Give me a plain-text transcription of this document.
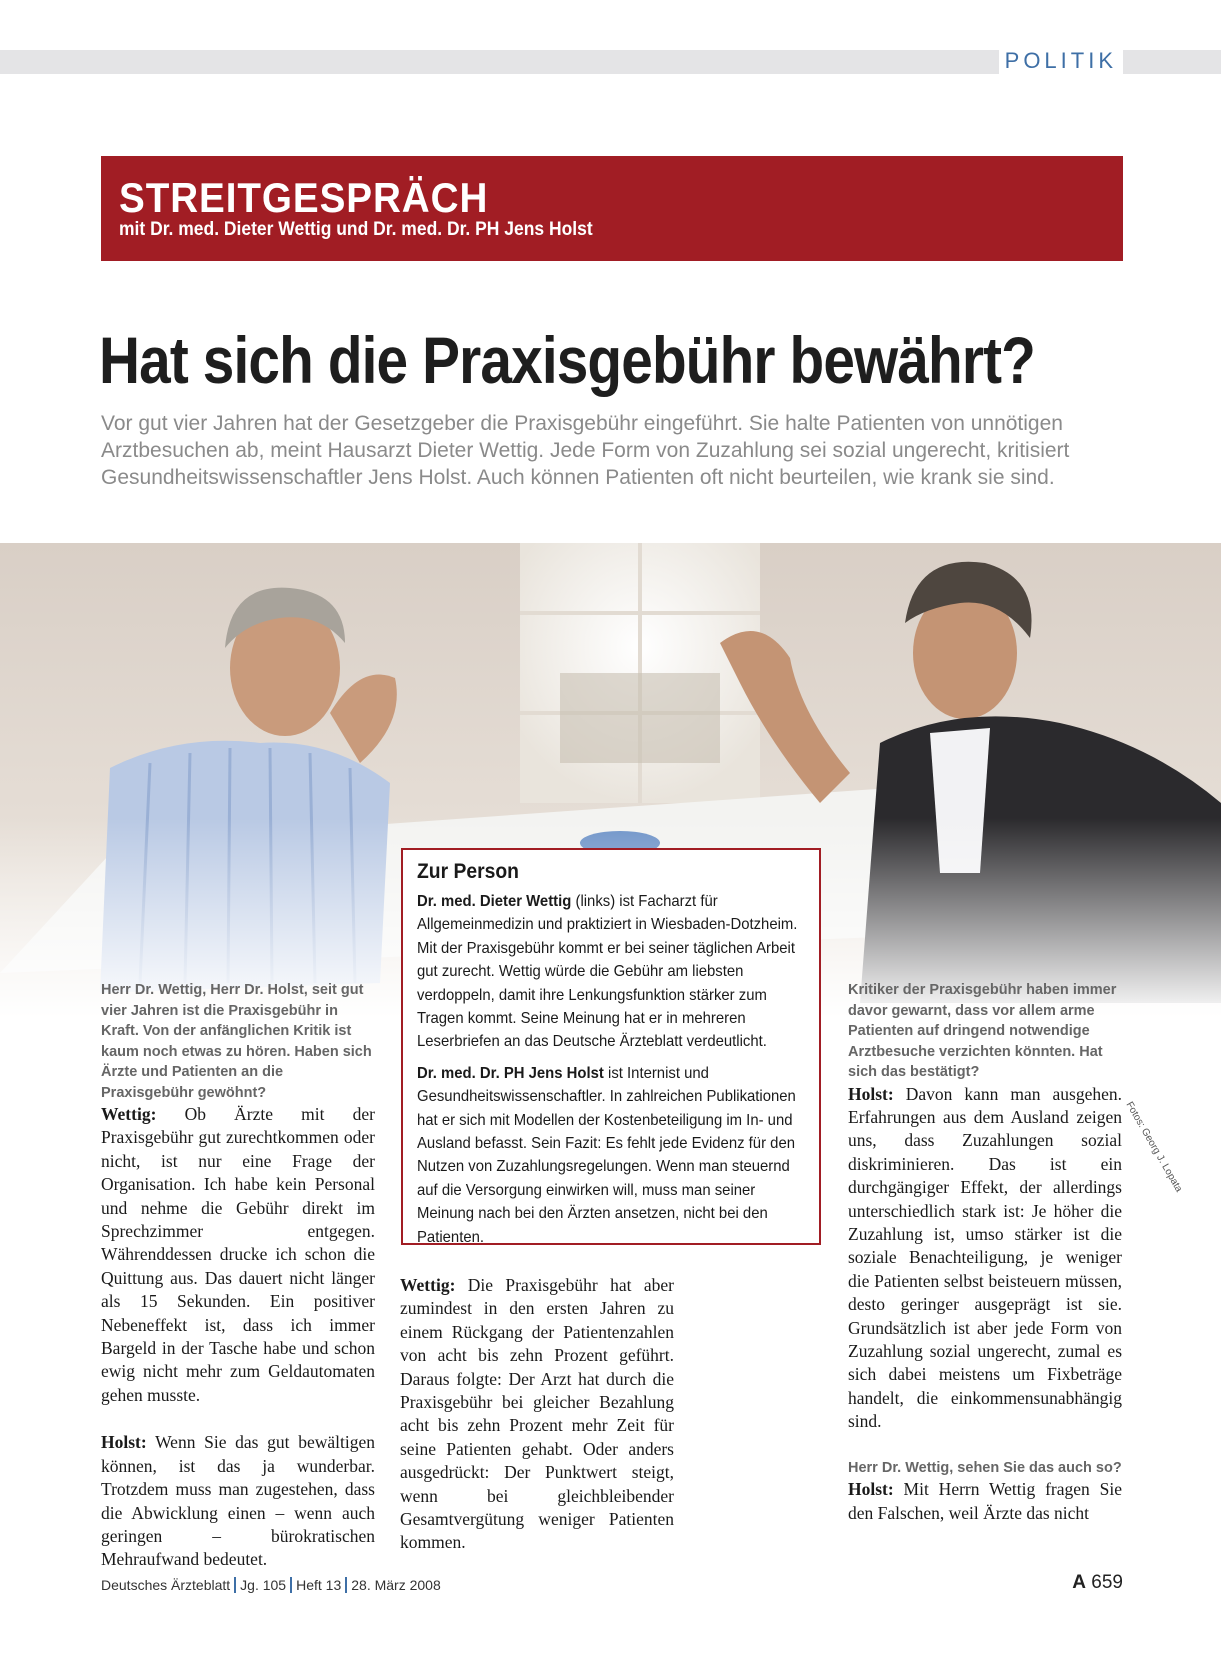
POLITIK
STREITGESPRÄCH
mit Dr. med. Dieter Wettig und Dr. med. Dr. PH Jens Holst
Hat sich die Praxisgebühr bewährt?

Vor gut vier Jahren hat der Gesetzgeber die Praxisgebühr eingeführt. Sie halte Patienten von unnötigen Arztbesuchen ab, meint Hausarzt Dieter Wettig. Jede Form von Zuzahlung sei sozial ungerecht, kritisiert Gesundheitswissenschaftler Jens Holst. Auch können Patienten oft nicht beurteilen, wie krank sie sind.

Fotos: Georg J. Lopata

Herr Dr. Wettig, Herr Dr. Holst, seit gut vier Jahren ist die Praxisgebühr in Kraft. Von der anfänglichen Kritik ist kaum noch etwas zu hören. Haben sich Ärzte und Patienten an die Praxisgebühr gewöhnt?

Wettig: Ob Ärzte mit der Praxisgebühr gut zurechtkommen oder nicht, ist nur eine Frage der Organisation. Ich habe kein Personal und nehme die Gebühr direkt im Sprechzimmer entgegen. Währenddessen drucke ich schon die Quittung aus. Das dauert nicht länger als 15 Sekunden. Ein positiver Nebeneffekt ist, dass ich immer Bargeld in der Tasche habe und schon ewig nicht mehr zum Geldautomaten gehen musste.

Holst: Wenn Sie das gut bewältigen können, ist das ja wunderbar. Trotzdem muss man zugestehen, dass die Abwicklung einen – wenn auch geringen – bürokratischen Mehraufwand bedeutet.

Zur Person

Dr. med. Dieter Wettig (links) ist Facharzt für Allgemeinmedizin und praktiziert in Wiesbaden-Dotzheim. Mit der Praxisgebühr kommt er bei seiner täglichen Arbeit gut zurecht. Wettig würde die Gebühr am liebsten verdoppeln, damit ihre Lenkungsfunktion stärker zum Tragen kommt. Seine Meinung hat er in mehreren Leserbriefen an das Deutsche Ärzteblatt verdeutlicht.

Dr. med. Dr. PH Jens Holst ist Internist und Gesundheitswissenschaftler. In zahlreichen Publikationen hat er sich mit Modellen der Kostenbeteiligung im In- und Ausland befasst. Sein Fazit: Es fehlt jede Evidenz für den Nutzen von Zuzahlungsregelungen. Wenn man steuernd auf die Versorgung einwirken will, muss man seiner Meinung nach bei den Ärzten ansetzen, nicht bei den Patienten.

Wettig: Die Praxisgebühr hat aber zumindest in den ersten Jahren zu einem Rückgang der Patientenzahlen von acht bis zehn Prozent geführt. Daraus folgte: Der Arzt hat durch die Praxisgebühr bei gleicher Bezahlung acht bis zehn Prozent mehr Zeit für seine Patienten gehabt. Oder anders ausgedrückt: Der Punktwert steigt, wenn bei gleichbleibender Gesamtvergütung weniger Patienten kommen.

Kritiker der Praxisgebühr haben immer davor gewarnt, dass vor allem arme Patienten auf dringend notwendige Arztbesuche verzichten könnten. Hat sich das bestätigt?

Holst: Davon kann man ausgehen. Erfahrungen aus dem Ausland zeigen uns, dass Zuzahlungen sozial diskriminieren. Das ist ein durchgängiger Effekt, der allerdings unterschiedlich stark ist: Je höher die Zuzahlung ist, umso stärker ist die soziale Benachteiligung, je weniger die Patienten selbst beisteuern müssen, desto geringer ausgeprägt ist sie. Grundsätzlich ist aber jede Form von Zuzahlung sozial ungerecht, zumal es sich dabei meistens um Fixbeträge handelt, die einkommensunabhängig sind.

Herr Dr. Wettig, sehen Sie das auch so?

Holst: Mit Herrn Wettig fragen Sie den Falschen, weil Ärzte das nicht

Deutsches Ärzteblatt Jg. 105 Heft 13 28. März 2008	A 659
